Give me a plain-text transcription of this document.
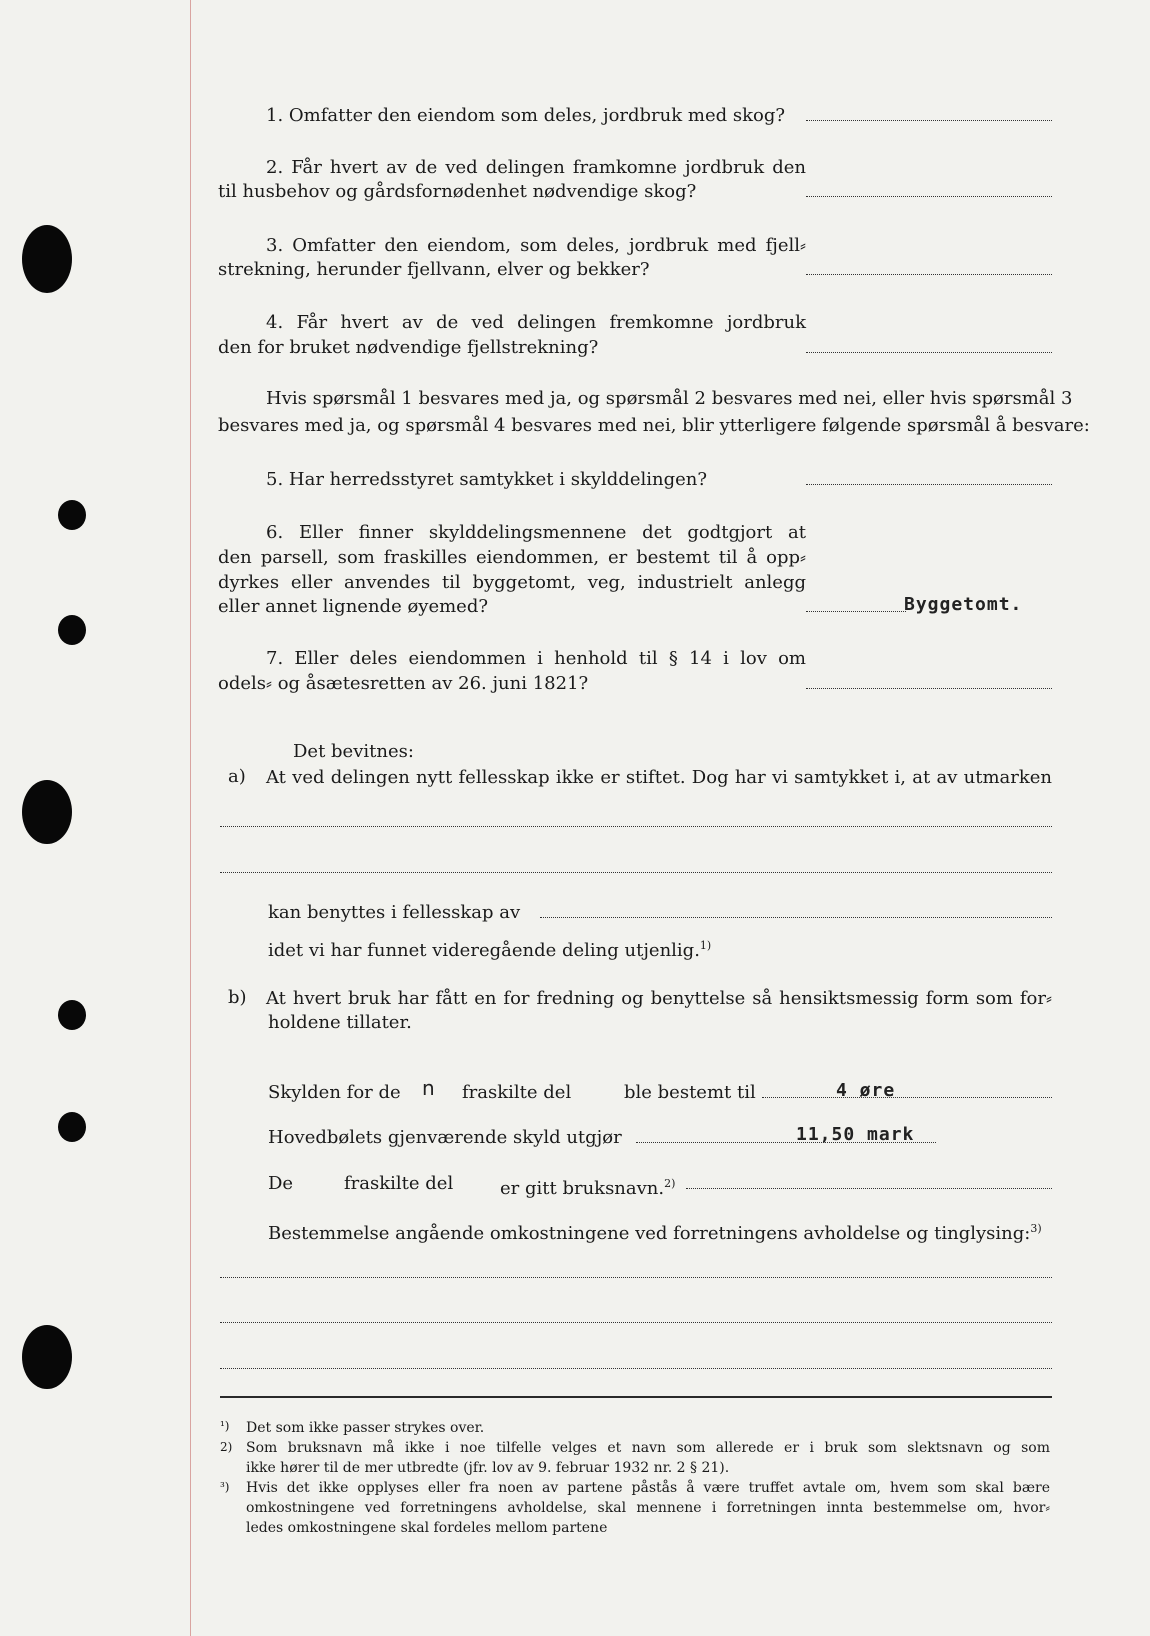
1. Omfatter den eiendom som deles, jordbruk med skog?
2. Får hvert av de ved delingen framkomne jordbruk den
til husbehov og gårdsfornødenhet nødvendige skog?
3. Omfatter den eiendom, som deles, jordbruk med fjell⸗
strekning, herunder fjellvann, elver og bekker?
4. Får hvert av de ved delingen fremkomne jordbruk
den for bruket nødvendige fjellstrekning?
Hvis spørsmål 1 besvares med ja, og spørsmål 2 besvares med nei, eller hvis spørsmål 3
besvares med ja, og spørsmål 4 besvares med nei, blir ytterligere følgende spørsmål å besvare:
5. Har herredsstyret samtykket i skylddelingen?
6. Eller finner skylddelingsmennene det godtgjort at
den parsell, som fraskilles eiendommen, er bestemt til å opp⸗
dyrkes eller anvendes til byggetomt, veg, industrielt anlegg
eller annet lignende øyemed?	Byggetomt.
7. Eller deles eiendommen i henhold til § 14 i lov om
odels⸗ og åsætesretten av 26. juni 1821?
Det bevitnes:
a) At ved delingen nytt fellesskap ikke er stiftet. Dog har vi samtykket i, at av utmarken
kan benyttes i fellesskap av
idet vi har funnet videregående deling utjenlig.$^{1)}$
b) At hvert bruk har fått en for fredning og benyttelse så hensiktsmessig form som for⸗
holdene tillater.
Skylden for de n fraskilte del	ble bestemt til	4 øre
Hovedbølets gjenværende skyld utgjør	11,50 mark
De	fraskilte del	er gitt bruksnavn.$^{2)}$
Bestemmelse angående omkostningene ved forretningens avholdelse og tinglysing:$^{3)}$
¹) Det som ikke passer strykes over.
2) Som bruksnavn må ikke i noe tilfelle velges et navn som allerede er i bruk som slektsnavn og som
ikke hører til de mer utbredte (jfr. lov av 9. februar 1932 nr. 2 § 21).
³) Hvis det ikke opplyses eller fra noen av partene påstås å være truffet avtale om, hvem som skal bære
omkostningene ved forretningens avholdelse, skal mennene i forretningen innta bestemmelse om, hvor⸗
ledes omkostningene skal fordeles mellom partene
